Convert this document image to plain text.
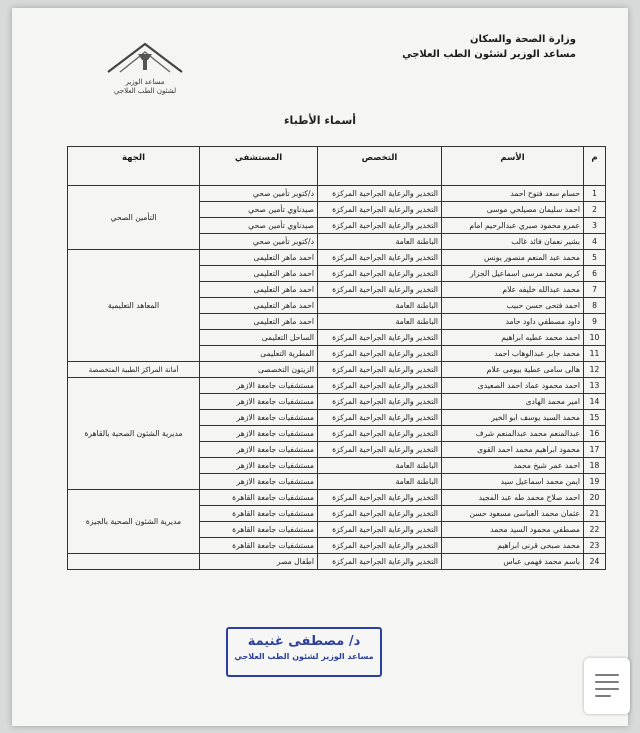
وزارة الصحة والسكان
مساعد الوزير لشئون الطب العلاجي
مساعد الوزير
لشئون الطب العلاجي
أسماء الأطباء
م	الأسم	التخصص	المستشفي	الجهة
1	حسام سعد فتوح احمد	التخدير والرعاية الجراحية المركزة	د/كتوبر تأمين صحي	التأمين الصحي
2	احمد سليمان مصيلحي موسى	التخدير والرعاية الجراحية المركزة	صيدناوي تأمين صحي	
3	عمرو محمود صبري عبدالرحيم امام	التخدير والرعاية الجراحية المركزة	صيدناوي تأمين صحي	
4	بشير نعمان فائد غالب	الباطنة العامة	د/كتوبر تأمين صحي	
5	محمد عبد المنعم منصور يونس	التخدير والرعاية الجراحية المركزة	احمد ماهر التعليمى	المعاهد التعليمية
6	كريم محمد مرسى اسماعيل الجزار	التخدير والرعاية الجراحية المركزة	احمد ماهر التعليمى	
7	محمد عبدالله خليفه علام	التخدير والرعاية الجراحية المركزة	احمد ماهر التعليمى	
8	احمد فتحى حسن حبيب	الباطنة العامة	احمد ماهر التعليمى	
9	داود مصطفي داود حامد	الباطنة العامة	احمد ماهر التعليمى	
10	احمد محمد عطيه ابراهيم	التخدير والرعاية الجراحية المركزة	الساحل التعليمى	
11	محمد جابر عبدالوهاب احمد	التخدير والرعاية الجراحية المركزة	المطرية التعليمى	
12	هالى سامى عطية بيومى علام	التخدير والرعاية الجراحية المركزة	الزيتون التخصصى	أمانة المراكز الطبية المتخصصة
13	احمد محمود عماد احمد الصعيدى	التخدير والرعاية الجراحية المركزة	مستشفيات جامعة الازهر	مديرية الشئون الصحية بالقاهرة
14	امير محمد الهادى	التخدير والرعاية الجراحية المركزة	مستشفيات جامعة الازهر	
15	محمد السيد يوسف ابو الخير	التخدير والرعاية الجراحية المركزة	مستشفيات جامعة الازهر	
16	عبدالمنعم محمد عبدالمنعم شرف	التخدير والرعاية الجراحية المركزة	مستشفيات جامعة الازهر	
17	محمود ابراهيم محمد احمد القوى	التخدير والرعاية الجراحية المركزة	مستشفيات جامعة الازهر	
18	احمد عمر شيخ محمد	الباطنة العامة	مستشفيات جامعة الازهر	
19	ايمن محمد اسماعيل سيد	الباطنة العامة	مستشفيات جامعة الازهر	
20	احمد صلاح محمد طه عبد المجيد	التخدير والرعاية الجراحية المركزة	مستشفيات جامعة القاهرة	مديرية الشئون الصحية بالجيزة
21	عثمان محمد العباسى مسعود حسن	التخدير والرعاية الجراحية المركزة	مستشفيات جامعة القاهرة	
22	مصطفي محمود السيد محمد	التخدير والرعاية الجراحية المركزة	مستشفيات جامعة القاهرة	
23	محمد صبحى قرنى ابراهيم	التخدير والرعاية الجراحية المركزة	مستشفيات جامعة القاهرة	
24	باسم محمد فهمى عباس	التخدير والرعاية الجراحية المركزة	اطفال مصر	
د/ مصطفى غنيمة
مساعد الوزير لشئون الطب العلاجي
